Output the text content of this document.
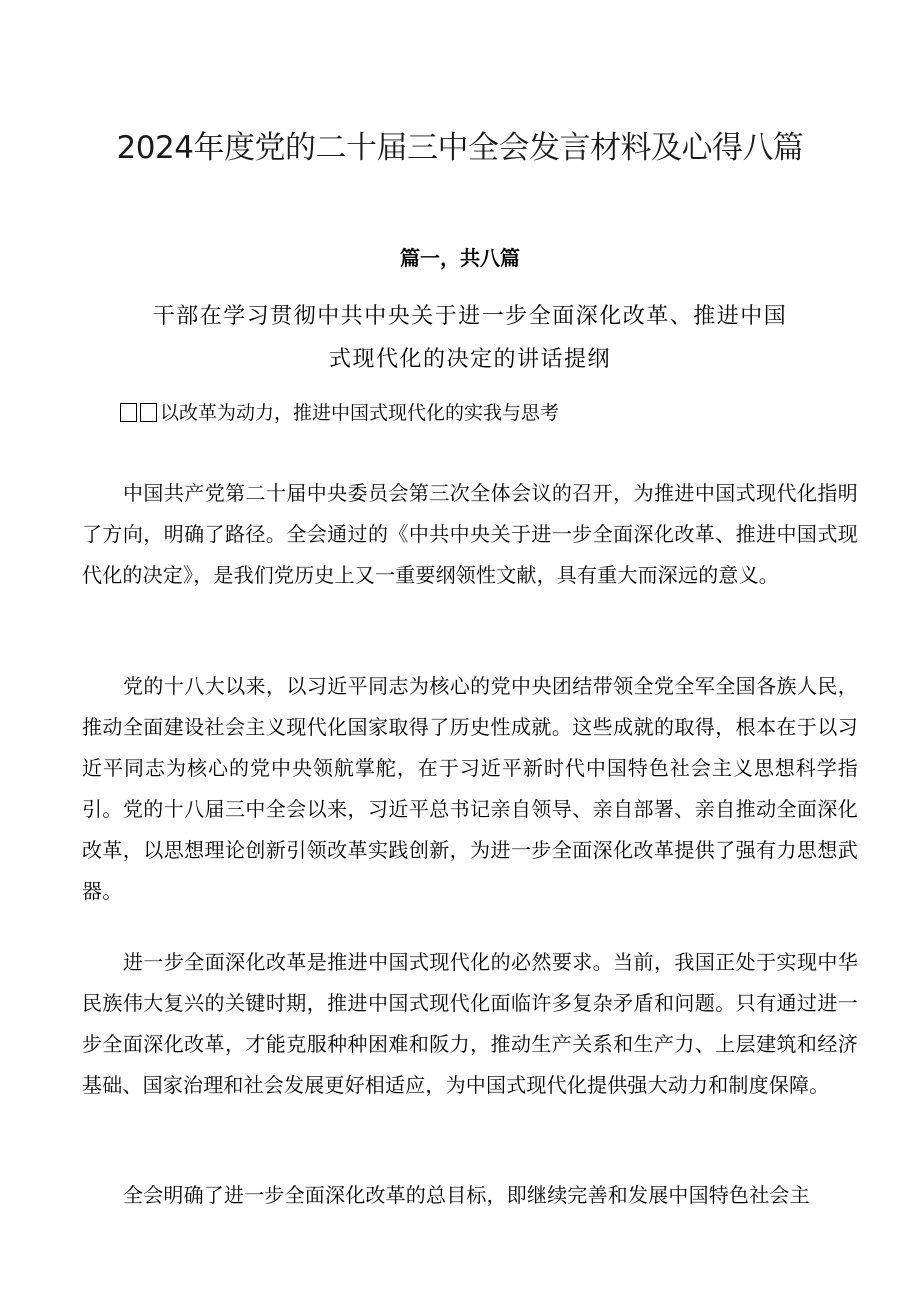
2024年度党的二十届三中全会发言材料及心得八篇
篇一，共八篇
干部在学习贯彻中共中央关于进一步全面深化改革、推进中国
式现代化的决定的讲话提纲
以改革为动力，推进中国式现代化的实我与思考

中国共产党第二十届中央委员会第三次全体会议的召开，为推进中国式现代化指明了方向，明确了路径。全会通过的《中共中央关于进一步全面深化改革、推进中国式现代化的决定》，是我们党历史上又一重要纲领性文献，具有重大而深远的意义。

党的十八大以来，以习近平同志为核心的党中央团结带领全党全军全国各族人民，推动全面建设社会主义现代化国家取得了历史性成就。这些成就的取得，根本在于以习近平同志为核心的党中央领航掌舵，在于习近平新时代中国特色社会主义思想科学指引。党的十八届三中全会以来，习近平总书记亲自领导、亲自部署、亲自推动全面深化改革，以思想理论创新引领改革实践创新，为进一步全面深化改革提供了强有力思想武器。

进一步全面深化改革是推进中国式现代化的必然要求。当前，我国正处于实现中华民族伟大复兴的关键时期，推进中国式现代化面临许多复杂矛盾和问题。只有通过进一步全面深化改革，才能克服种种困难和阪力，推动生产关系和生产力、上层建筑和经济基础、国家治理和社会发展更好相适应，为中国式现代化提供强大动力和制度保障。

全会明确了进一步全面深化改革的总目标，即继续完善和发展中国特色社会主
